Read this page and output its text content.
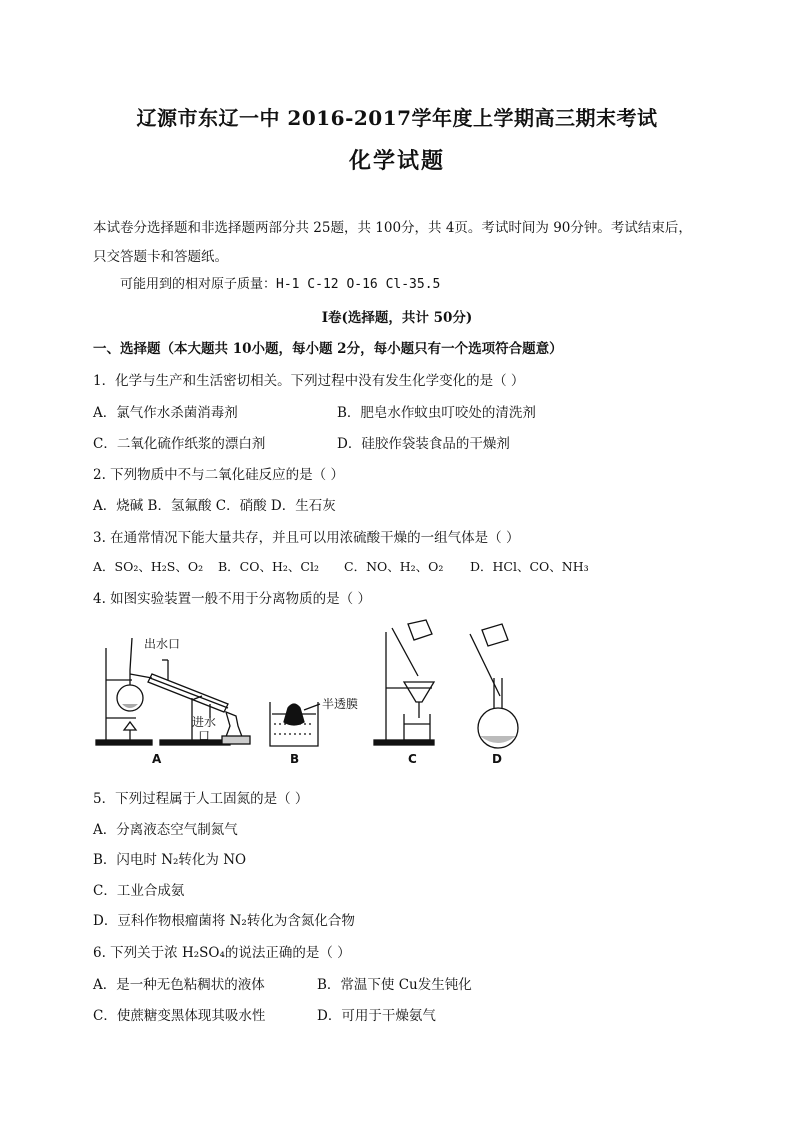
辽源市东辽一中 2016-2017学年度上学期高三期末考试
化学试题
本试卷分选择题和非选择题两部分共 25题，共 100分，共 4页。考试时间为 90分钟。考试结束后，
只交答题卡和答题纸。
可能用到的相对原子质量：H-1 C-12 O-16 Cl-35.5
Ⅰ卷(选择题，共计 50分)
一、选择题（本大题共 10小题，每小题 2分，每小题只有一个选项符合题意）
1．化学与生产和生活密切相关。下列过程中没有发生化学变化的是（ ）
A．氯气作水杀菌消毒剂	B．肥皂水作蚊虫叮咬处的清洗剂
C．二氧化硫作纸浆的漂白剂	D．硅胶作袋装食品的干燥剂
2. 下列物质中不与二氧化硅反应的是（ ）
A．烧碱 B．氢氟酸 C．硝酸 D．生石灰
3. 在通常情况下能大量共存，并且可以用浓硫酸干燥的一组气体是（ ）
A．SO₂、H₂S、O₂ B．CO、H₂、Cl₂ C．NO、H₂、O₂ D．HCl、CO、NH₃
4. 如图实验装置一般不用于分离物质的是（ ）
出水口
进水
口
A
半透膜
B	C	D
5．下列过程属于人工固氮的是（ ）
A．分离液态空气制氮气
B．闪电时 N₂转化为 NO
C．工业合成氨
D．豆科作物根瘤菌将 N₂转化为含氮化合物
6. 下列关于浓 H₂SO₄的说法正确的是（ ）
A．是一种无色粘稠状的液体	B．常温下使 Cu发生钝化
C．使蔗糖变黑体现其吸水性	D．可用于干燥氨气
